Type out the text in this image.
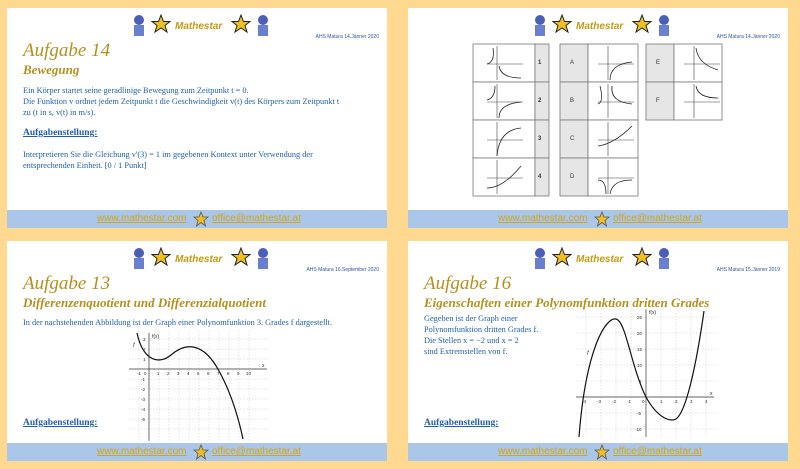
Mathestar
AHS Matura 14.Jänner 2020
Aufgabe 14
Bewegung
Ein Körper startet seine geradlinige Bewegung zum Zeitpunkt t = 0.
Die Funktion v ordnet jedem Zeitpunkt t die Geschwindigkeit v(t) des Körpers zum Zeitpunkt t
zu (t in s, v(t) in m/s).
Aufgabenstellung:
Interpretieren Sie die Gleichung v'(3) = 1 im gegebenen Kontext unter Verwendung der
entsprechenden Einheit. [0 / 1 Punkt]
www.mathestar.com	office@mathestar.at
Mathestar
AHS Matura 14.Jänner 2020
1
2
3
4
A
B
C
D
E
F
www.mathestar.com	office@mathestar.at
Mathestar
AHS Matura 16.September 2020
Aufgabe 13
Differenzenquotient und Differenzialquotient
In der nachstehenden Abbildung ist der Graph einer Polynomfunktion 3. Grades f dargestellt.
f(x)
f
x
-1 0 1 2 3 4 5 6 7 8 9 10
3
2
1
-1
-2
-3
-4
-5
Aufgabenstellung:
www.mathestar.com	office@mathestar.at
Mathestar
AHS Matura 15.Jänner 2019
Aufgabe 16
Eigenschaften einer Polynomfunktion dritten Grades
Gegeben ist der Graph einer
Polynomfunktion dritten Grades f.
Die Stellen x = −2 und x = 2
sind Extremstellen von f.
f(x)
f
x
-4 -3 -2 -1 0	1	2	3	4
25
20
15
10
5
-5
-10
Aufgabenstellung:
www.mathestar.com	office@mathestar.at
